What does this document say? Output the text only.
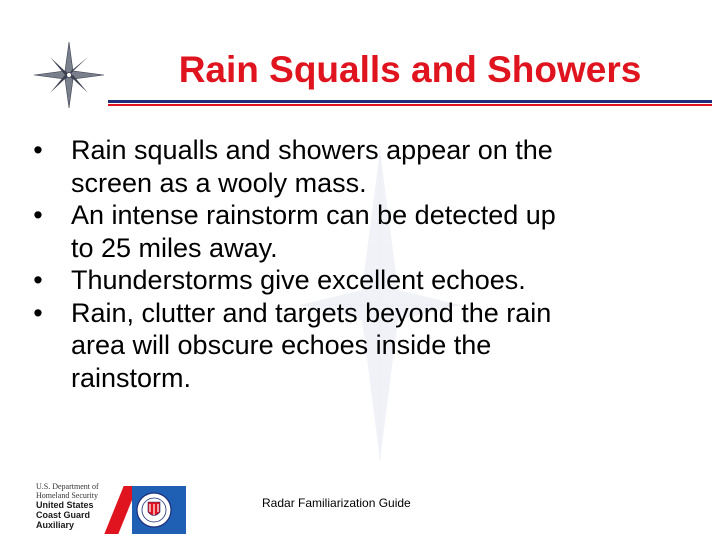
Rain Squalls and Showers
• Rain squalls and showers appear on the
screen as a wooly mass.
• An intense rainstorm can be detected up
to 25 miles away.
• Thunderstorms give excellent echoes.
• Rain, clutter and targets beyond the rain
area will obscure echoes inside the
rainstorm.
U.S. Department of
Homeland Security
United States
Coast Guard
Auxiliary
Radar Familiarization Guide
